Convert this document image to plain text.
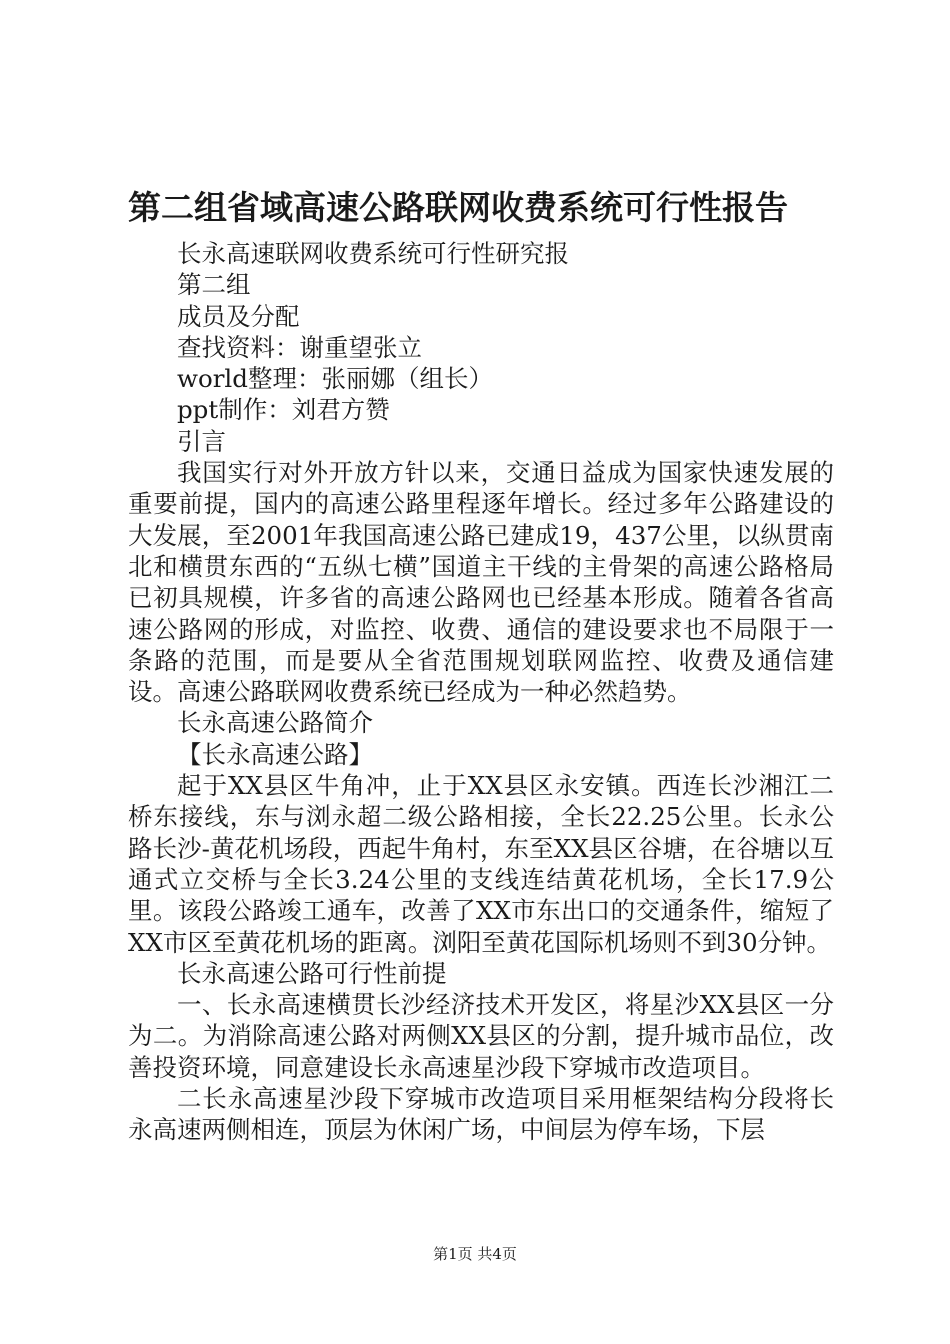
第二组省域高速公路联网收费系统可行性报告

长永高速联网收费系统可行性研究报

第二组

成员及分配

查找资料：谢重望张立

world整理：张丽娜（组长）

ppt制作：刘君方赞

引言

我国实行对外开放方针以来，交通日益成为国家快速发展的重要前提，国内的高速公路里程逐年增长。经过多年公路建设的大发展，至2001年我国高速公路已建成19，437公里，以纵贯南北和横贯东西的“五纵七横”国道主干线的主骨架的高速公路格局已初具规模，许多省的高速公路网也已经基本形成。随着各省高速公路网的形成，对监控、收费、通信的建设要求也不局限于一条路的范围，而是要从全省范围规划联网监控、收费及通信建设。高速公路联网收费系统已经成为一种必然趋势。

长永高速公路简介

【长永高速公路】

起于XX县区牛角冲，止于XX县区永安镇。西连长沙湘江二桥东接线，东与浏永超二级公路相接，全长22.25公里。长永公路长沙-黄花机场段，西起牛角村，东至XX县区谷塘，在谷塘以互通式立交桥与全长3.24公里的支线连结黄花机场，全长17.9公里。该段公路竣工通车，改善了XX市东出口的交通条件，缩短了XX市区至黄花机场的距离。浏阳至黄花国际机场则不到30分钟。

长永高速公路可行性前提

一、长永高速横贯长沙经济技术开发区，将星沙XX县区一分为二。为消除高速公路对两侧XX县区的分割，提升城市品位，改善投资环境，同意建设长永高速星沙段下穿城市改造项目。

二长永高速星沙段下穿城市改造项目采用框架结构分段将长永高速两侧相连，顶层为休闲广场，中间层为停车场，下层

第1页 共4页
